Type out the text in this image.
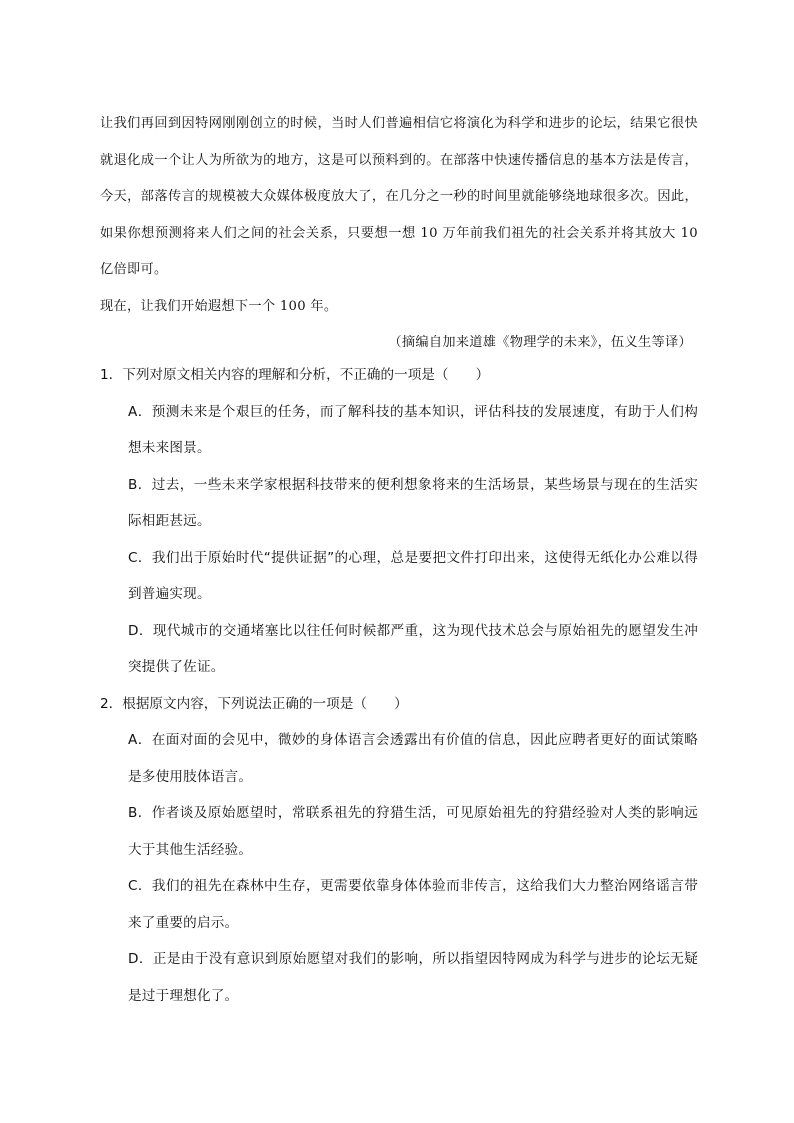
让我们再回到因特网刚刚创立的时候，当时人们普遍相信它将演化为科学和进步的论坛，结果它很快就退化成一个让人为所欲为的地方，这是可以预料到的。在部落中快速传播信息的基本方法是传言，今天，部落传言的规模被大众媒体极度放大了，在几分之一秒的时间里就能够绕地球很多次。因此，如果你想预测将来人们之间的社会关系，只要想一想 10 万年前我们祖先的社会关系并将其放大 10 亿倍即可。

现在，让我们开始遐想下一个 100 年。

（摘编自加来道雄《物理学的未来》，伍义生等译）

1．下列对原文相关内容的理解和分析，不正确的一项是（　　）

A．预测未来是个艰巨的任务，而了解科技的基本知识，评估科技的发展速度，有助于人们构想未来图景。

B．过去，一些未来学家根据科技带来的便利想象将来的生活场景，某些场景与现在的生活实际相距甚远。

C．我们出于原始时代“提供证据”的心理，总是要把文件打印出来，这使得无纸化办公难以得到普遍实现。

D．现代城市的交通堵塞比以往任何时候都严重，这为现代技术总会与原始祖先的愿望发生冲突提供了佐证。

2．根据原文内容，下列说法正确的一项是（　　）

A．在面对面的会见中，微妙的身体语言会透露出有价值的信息，因此应聘者更好的面试策略是多使用肢体语言。

B．作者谈及原始愿望时，常联系祖先的狩猎生活，可见原始祖先的狩猎经验对人类的影响远大于其他生活经验。

C．我们的祖先在森林中生存，更需要依靠身体体验而非传言，这给我们大力整治网络谣言带来了重要的启示。

D．正是由于没有意识到原始愿望对我们的影响，所以指望因特网成为科学与进步的论坛无疑是过于理想化了。
